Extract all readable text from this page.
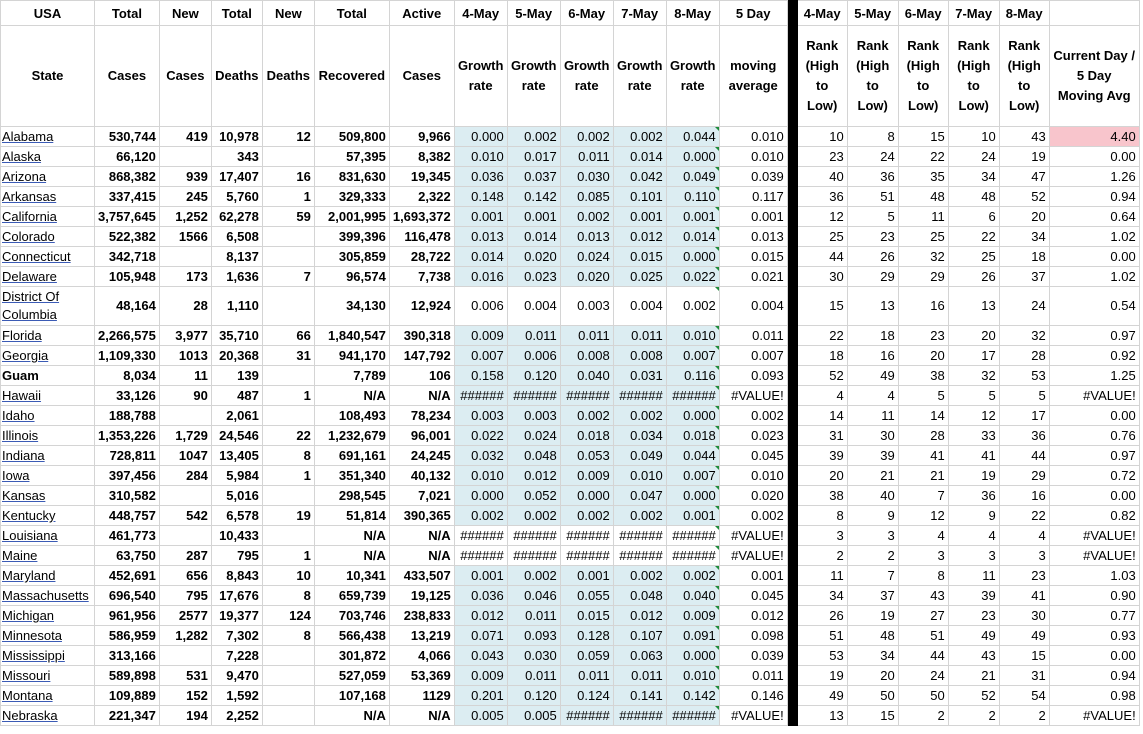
USA	Total	New	Total	New	Total	Active	4-May	5-May	6-May	7-May	8-May	5 Day		4-May	5-May	6-May	7-May	8-May	
State	Cases	Cases	Deaths	Deaths	Recovered	Cases	Growth rate	Growth rate	Growth rate	Growth rate	Growth rate	moving average		Rank (High to Low)	Rank (High to Low)	Rank (High to Low)	Rank (High to Low)	Rank (High to Low)	Current Day / 5 Day Moving Avg
Alabama	530,744	419	10,978	12	509,800	9,966	0.000	0.002	0.002	0.002	0.044	0.010		10	8	15	10	43	4.40
Alaska	66,120		343		57,395	8,382	0.010	0.017	0.011	0.014	0.000	0.010		23	24	22	24	19	0.00
Arizona	868,382	939	17,407	16	831,630	19,345	0.036	0.037	0.030	0.042	0.049	0.039		40	36	35	34	47	1.26
Arkansas	337,415	245	5,760	1	329,333	2,322	0.148	0.142	0.085	0.101	0.110	0.117		36	51	48	48	52	0.94
California	3,757,645	1,252	62,278	59	2,001,995	1,693,372	0.001	0.001	0.002	0.001	0.001	0.001		12	5	11	6	20	0.64
Colorado	522,382	1566	6,508		399,396	116,478	0.013	0.014	0.013	0.012	0.014	0.013		25	23	25	22	34	1.02
Connecticut	342,718		8,137		305,859	28,722	0.014	0.020	0.024	0.015	0.000	0.015		44	26	32	25	18	0.00
Delaware	105,948	173	1,636	7	96,574	7,738	0.016	0.023	0.020	0.025	0.022	0.021		30	29	29	26	37	1.02
District Of Columbia	48,164	28	1,110		34,130	12,924	0.006	0.004	0.003	0.004	0.002	0.004		15	13	16	13	24	0.54
Florida	2,266,575	3,977	35,710	66	1,840,547	390,318	0.009	0.011	0.011	0.011	0.010	0.011		22	18	23	20	32	0.97
Georgia	1,109,330	1013	20,368	31	941,170	147,792	0.007	0.006	0.008	0.008	0.007	0.007		18	16	20	17	28	0.92
Guam	8,034	11	139		7,789	106	0.158	0.120	0.040	0.031	0.116	0.093		52	49	38	32	53	1.25
Hawaii	33,126	90	487	1	N/A	N/A	######	######	######	######	######	#VALUE!		4	4	5	5	5	#VALUE!
Idaho	188,788		2,061		108,493	78,234	0.003	0.003	0.002	0.002	0.000	0.002		14	11	14	12	17	0.00
Illinois	1,353,226	1,729	24,546	22	1,232,679	96,001	0.022	0.024	0.018	0.034	0.018	0.023		31	30	28	33	36	0.76
Indiana	728,811	1047	13,405	8	691,161	24,245	0.032	0.048	0.053	0.049	0.044	0.045		39	39	41	41	44	0.97
Iowa	397,456	284	5,984	1	351,340	40,132	0.010	0.012	0.009	0.010	0.007	0.010		20	21	21	19	29	0.72
Kansas	310,582		5,016		298,545	7,021	0.000	0.052	0.000	0.047	0.000	0.020		38	40	7	36	16	0.00
Kentucky	448,757	542	6,578	19	51,814	390,365	0.002	0.002	0.002	0.002	0.001	0.002		8	9	12	9	22	0.82
Louisiana	461,773		10,433		N/A	N/A	######	######	######	######	######	#VALUE!		3	3	4	4	4	#VALUE!
Maine	63,750	287	795	1	N/A	N/A	######	######	######	######	######	#VALUE!		2	2	3	3	3	#VALUE!
Maryland	452,691	656	8,843	10	10,341	433,507	0.001	0.002	0.001	0.002	0.002	0.001		11	7	8	11	23	1.03
Massachusetts	696,540	795	17,676	8	659,739	19,125	0.036	0.046	0.055	0.048	0.040	0.045		34	37	43	39	41	0.90
Michigan	961,956	2577	19,377	124	703,746	238,833	0.012	0.011	0.015	0.012	0.009	0.012		26	19	27	23	30	0.77
Minnesota	586,959	1,282	7,302	8	566,438	13,219	0.071	0.093	0.128	0.107	0.091	0.098		51	48	51	49	49	0.93
Mississippi	313,166		7,228		301,872	4,066	0.043	0.030	0.059	0.063	0.000	0.039		53	34	44	43	15	0.00
Missouri	589,898	531	9,470		527,059	53,369	0.009	0.011	0.011	0.011	0.010	0.011		19	20	24	21	31	0.94
Montana	109,889	152	1,592		107,168	1129	0.201	0.120	0.124	0.141	0.142	0.146		49	50	50	52	54	0.98
Nebraska	221,347	194	2,252		N/A	N/A	0.005	0.005	######	######	######	#VALUE!		13	15	2	2	2	#VALUE!
